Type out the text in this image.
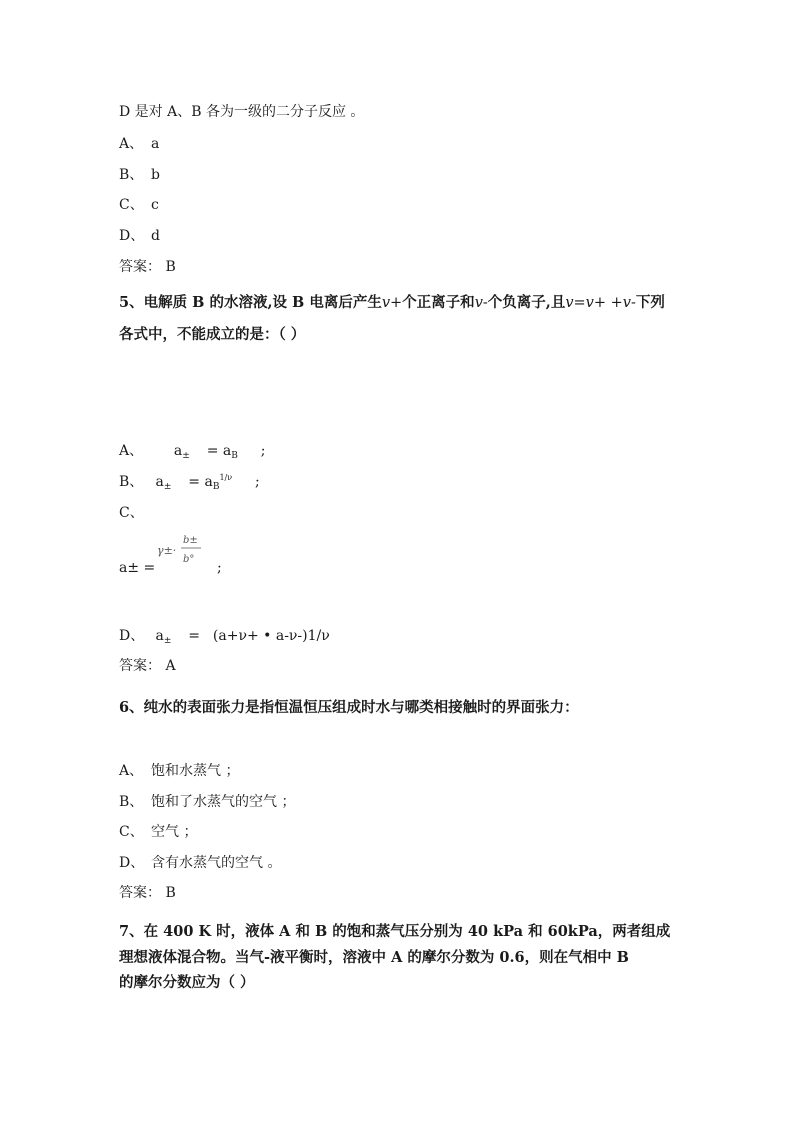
D 是对 A、B 各为一级的二分子反应 。
A、 a
B、 b
C、 c
D、 d
答案： B
5、电解质 B 的水溶液,设 B 电离后产生v+个正离子和v-个负离子,且v=v+ +v-下列
各式中，不能成立的是：（ ）
A、 $a_\pm = a_B$ ;
B、 $a_\pm = a_B^{1/\nu}$ ;
C、
a± =
γ±·
b±
b°
;
D、 $a_\pm = (a+\nu+$ • a-ν-)1/ν
答案： A
6、纯水的表面张力是指恒温恒压组成时水与哪类相接触时的界面张力：
A、 饱和水蒸气 ；
B、 饱和了水蒸气的空气 ；
C、 空气 ；
D、 含有水蒸气的空气 。
答案： B
7、在 400 K 时，液体 A 和 B 的饱和蒸气压分别为 40 kPa 和 60kPa，两者组成
理想液体混合物。当气-液平衡时，溶液中 A 的摩尔分数为 0.6，则在气相中 B
的摩尔分数应为（ ）
